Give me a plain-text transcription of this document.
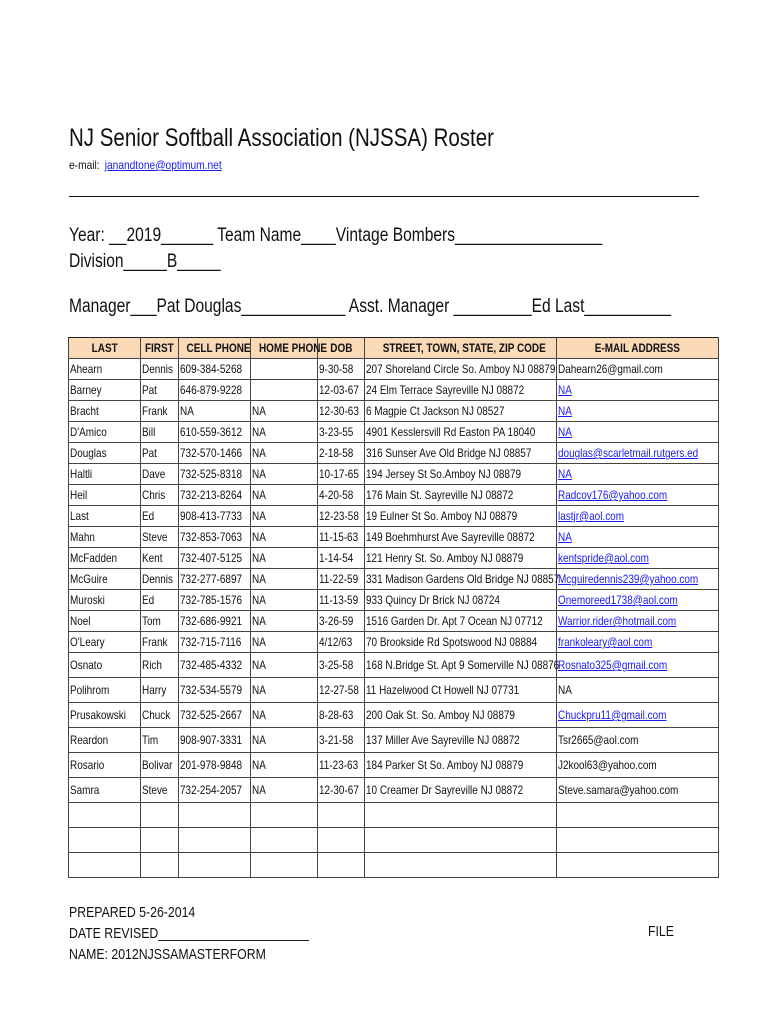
NJ Senior Softball Association (NJSSA) Roster
e-mail: janandtone@optimum.net
Year: __2019______ Team Name____Vintage Bombers_________________
Division_____B_____
Manager___Pat Douglas____________ Asst. Manager _________Ed Last__________
LAST	FIRST	CELL PHONE	HOME PHONE	DOB	STREET, TOWN, STATE, ZIP CODE	E-MAIL ADDRESS
Ahearn	Dennis	609-384-5268		9-30-58	207 Shoreland Circle So. Amboy NJ 08879	Dahearn26@gmail.com
Barney	Pat	646-879-9228		12-03-67	24 Elm Terrace Sayreville NJ 08872	NA
Bracht	Frank	NA	NA	12-30-63	6 Magpie Ct Jackson NJ 08527	NA
D'Amico	Bill	610-559-3612	NA	3-23-55	4901 Kesslersvill Rd Easton PA 18040	NA
Douglas	Pat	732-570-1466	NA	2-18-58	316 Sunser Ave Old Bridge NJ 08857	douglas@scarletmail.rutgers.ed
Haltli	Dave	732-525-8318	NA	10-17-65	194 Jersey St So.Amboy NJ 08879	NA
Heil	Chris	732-213-8264	NA	4-20-58	176 Main St. Sayreville NJ 08872	Radcov176@yahoo.com
Last	Ed	908-413-7733	NA	12-23-58	19 Eulner St So. Amboy NJ 08879	lastjr@aol.com
Mahn	Steve	732-853-7063	NA	11-15-63	149 Boehmhurst Ave Sayreville 08872	NA
McFadden	Kent	732-407-5125	NA	1-14-54	121 Henry St. So. Amboy NJ 08879	kentspride@aol.com
McGuire	Dennis	732-277-6897	NA	11-22-59	331 Madison Gardens Old Bridge NJ 08857	Mcguiredennis239@yahoo.com
Muroski	Ed	732-785-1576	NA	11-13-59	933 Quincy Dr Brick NJ 08724	Onemoreed1738@aol.com
Noel	Tom	732-686-9921	NA	3-26-59	1516 Garden Dr. Apt 7 Ocean NJ 07712	Warrior.rider@hotmail.com
O'Leary	Frank	732-715-7116	NA	4/12/63	70 Brookside Rd Spotswood NJ 08884	frankoleary@aol.com
Osnato	Rich	732-485-4332	NA	3-25-58	168 N.Bridge St. Apt 9 Somerville NJ 08876	Rosnato325@gmail.com
Polihrom	Harry	732-534-5579	NA	12-27-58	11 Hazelwood Ct Howell NJ 07731	NA
Prusakowski	Chuck	732-525-2667	NA	8-28-63	200 Oak St. So. Amboy NJ 08879	Chuckpru11@gmail.com
Reardon	Tim	908-907-3331	NA	3-21-58	137 Miller Ave Sayreville NJ 08872	Tsr2665@aol.com
Rosario	Bolivar	201-978-9848	NA	11-23-63	184 Parker St So. Amboy NJ 08879	J2kool63@yahoo.com
Samra	Steve	732-254-2057	NA	12-30-67	10 Creamer Dr Sayreville NJ 08872	Steve.samara@yahoo.com

PREPARED 5-26-2014
DATE REVISED______________________
NAME: 2012NJSSAMASTERFORM
FILE
